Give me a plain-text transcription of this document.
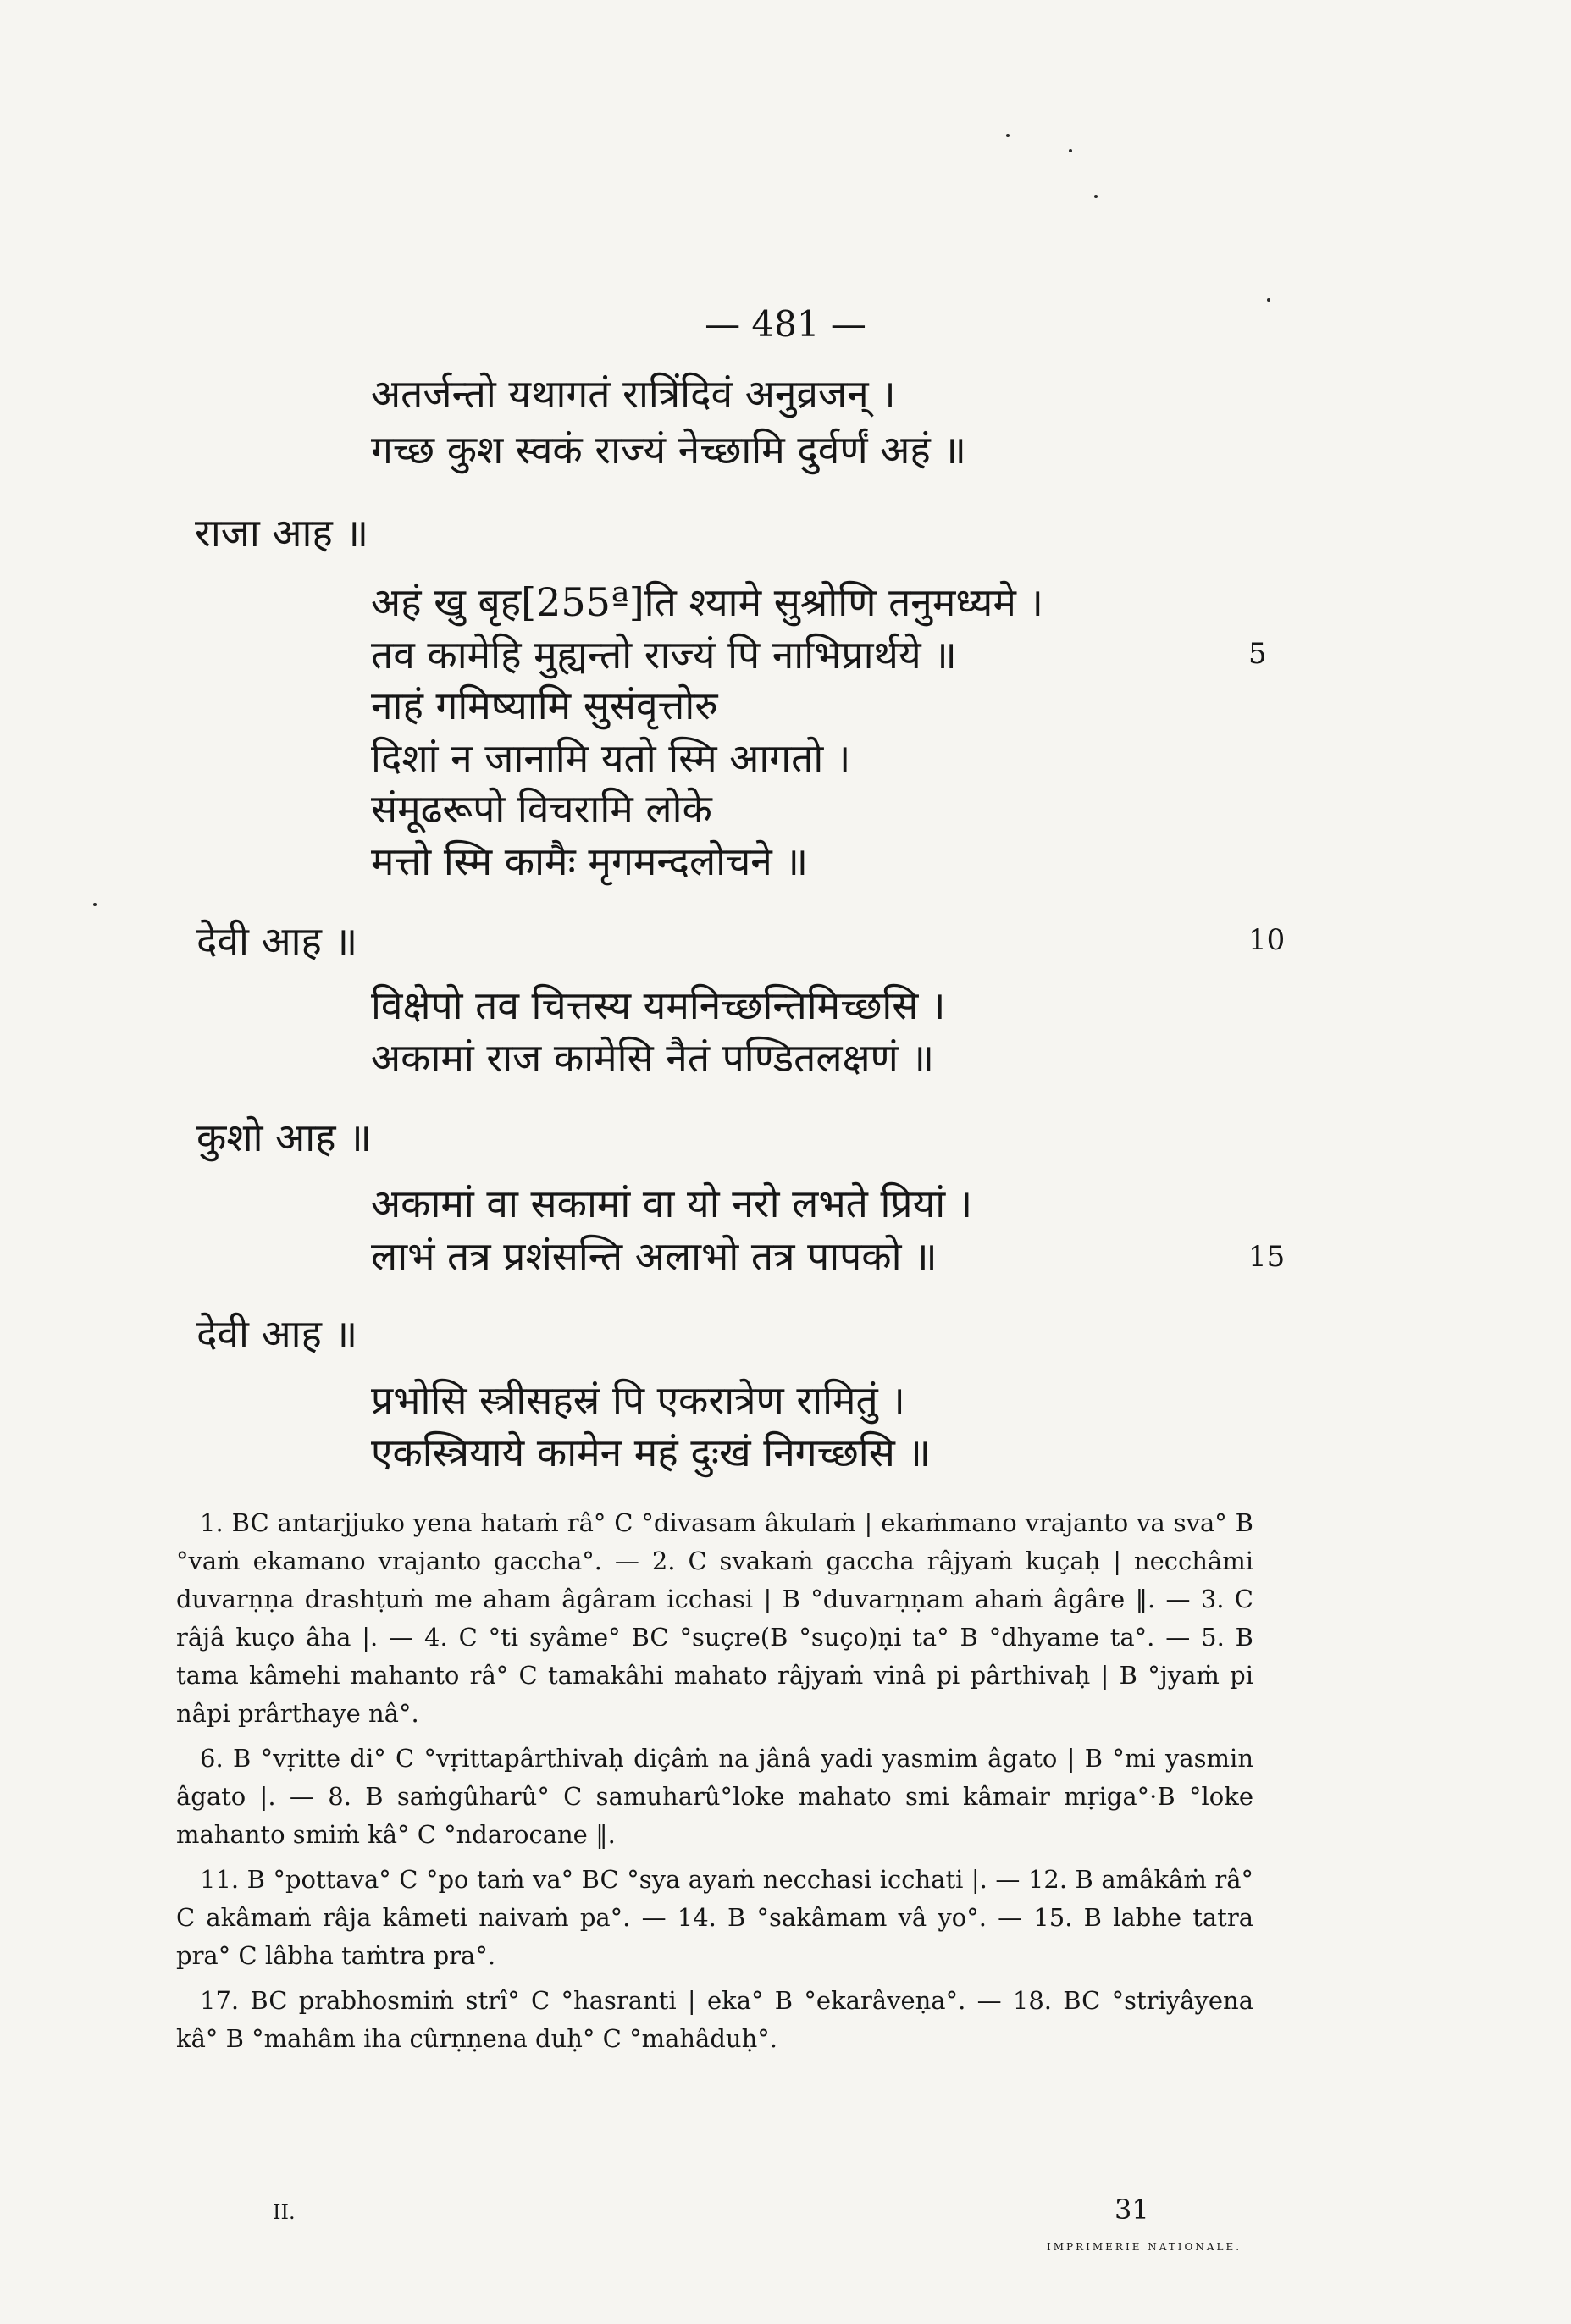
— 481 —
अतर्जन्तो यथागतं रात्रिंदिवं अनुव्रजन् ।
गच्छ कुश स्वकं राज्यं नेच्छामि दुर्वर्णं अहं ॥
राजा आह ॥
अहं खु बृह[255ª]ति श्यामे सुश्रोणि तनुमध्यमे ।
तव कामेहि मुह्यन्तो राज्यं पि नाभिप्रार्थये ॥
नाहं गमिष्यामि सुसंवृत्तोरु
दिशां न जानामि यतो स्मि आगतो ।
संमूढरूपो विचरामि लोके
मत्तो स्मि कामैः मृगमन्दलोचने ॥
5
देवी आह ॥	10
विक्षेपो तव चित्तस्य यमनिच्छन्तिमिच्छसि ।
अकामां राज कामेसि नैतं पण्डितलक्षणं ॥
कुशो आह ॥
अकामां वा सकामां वा यो नरो लभते प्रियां ।
लाभं तत्र प्रशंसन्ति अलाभो तत्र पापको ॥	15
देवी आह ॥
प्रभोसि स्त्रीसहस्रं पि एकरात्रेण रामितुं ।
एकस्त्रियाये कामेन महं दुःखं निगच्छसि ॥

1. BC antarjjuko yena hataṁ râ° C °divasam âkulaṁ | ekaṁmano vrajanto va sva° B °vaṁ ekamano vrajanto gaccha°. — 2. C svakaṁ gaccha râjyaṁ kuçaḥ | necchâmi duvarṇṇa drashṭuṁ me aham âgâram icchasi | B °duvarṇṇam ahaṁ âgâre ‖. — 3. C râjâ kuço âha |. — 4. C °ti syâme° BC °suçre(B °suço)ṇi ta° B °dhyame ta°. — 5. B tama kâmehi mahanto râ° C tamakâhi mahato râjyaṁ vinâ pi pârthivaḥ | B °jyaṁ pi nâpi prârthaye nâ°.

6. B °vṛitte di° C °vṛittapârthivaḥ diçâṁ na jânâ yadi yasmim âgato | B °mi yasmin âgato |. — 8. B saṁgûharû° C samuharû°loke mahato smi kâmair mṛiga°·B °loke mahanto smiṁ kâ° C °ndarocane ‖.

11. B °pottava° C °po taṁ va° BC °sya ayaṁ necchasi icchati |. — 12. B amâkâṁ râ° C akâmaṁ râja kâmeti naivaṁ pa°. — 14. B °sakâmam vâ yo°. — 15. B labhe tatra pra° C lâbha taṁtra pra°.

17. BC prabhosmiṁ strî° C °hasranti | eka° B °ekarâveṇa°. — 18. BC °striyâyena kâ° B °mahâm iha cûrṇṇena duḥ° C °mahâduḥ°.

II.	31
IMPRIMERIE NATIONALE.
